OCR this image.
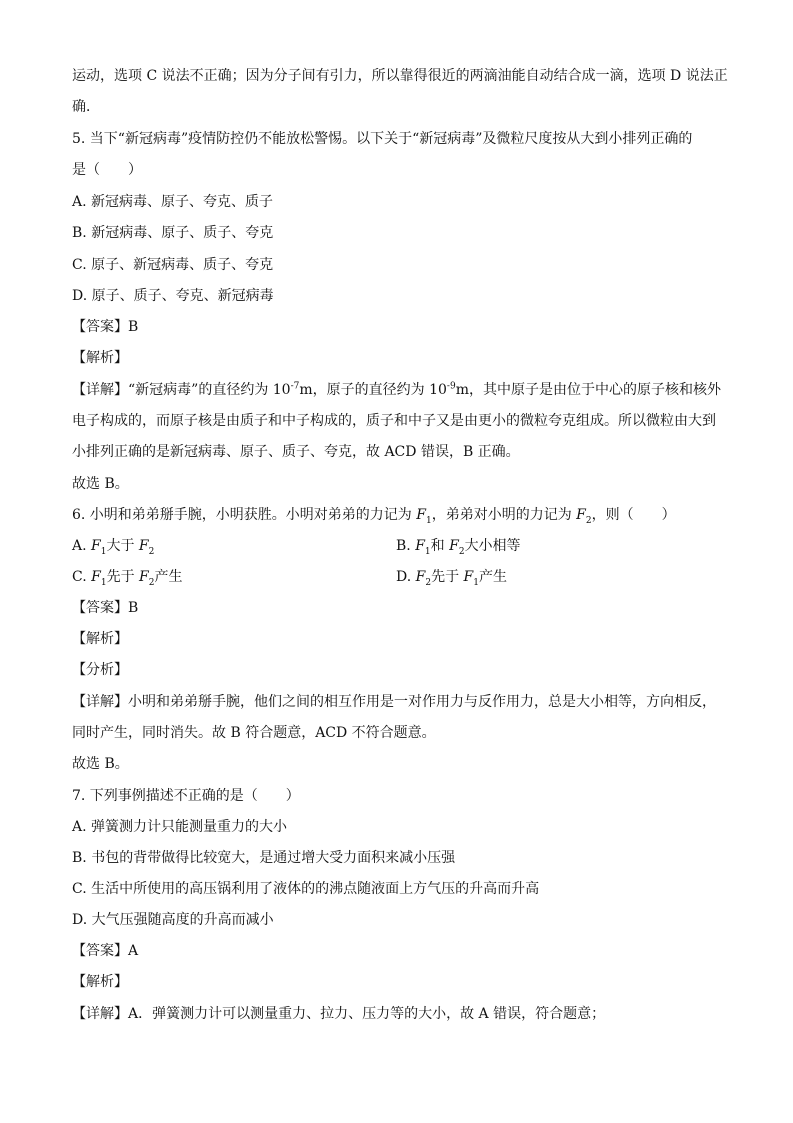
运动，选项 C 说法不正确；因为分子间有引力，所以靠得很近的两滴油能自动结合成一滴，选项 D 说法正
确．
5. 当下“新冠病毒”疫情防控仍不能放松警惕。以下关于“新冠病毒”及微粒尺度按从大到小排列正确的
是（　　）
A. 新冠病毒、原子、夸克、质子
B. 新冠病毒、原子、质子、夸克
C. 原子、新冠病毒、质子、夸克
D. 原子、质子、夸克、新冠病毒
【答案】B
【解析】
【详解】“新冠病毒”的直径约为 $10^{-7}m$，原子的直径约为 $10^{-9}m$，其中原子是由位于中心的原子核和核外
电子构成的，而原子核是由质子和中子构成的，质子和中子又是由更小的微粒夸克组成。所以微粒由大到
小排列正确的是新冠病毒、原子、质子、夸克，故 ACD 错误，B 正确。
故选 B。
6. 小明和弟弟掰手腕，小明获胜。小明对弟弟的力记为 $F_1$，弟弟对小明的力记为 $F_2$，则（　　）
A. $F_1$大于 $F_2$	B. $F_1$和 $F_2$大小相等
C. $F_1$先于 $F_2$产生	D. $F_2$先于 $F_1$产生
【答案】B
【解析】
【分析】
【详解】小明和弟弟掰手腕，他们之间的相互作用是一对作用力与反作用力，总是大小相等，方向相反，
同时产生，同时消失。故 B 符合题意，ACD 不符合题意。
故选 B。
7. 下列事例描述不正确的是（　　）
A. 弹簧测力计只能测量重力的大小
B. 书包的背带做得比较宽大，是通过增大受力面积来减小压强
C. 生活中所使用的高压锅利用了液体的的沸点随液面上方气压的升高而升高
D. 大气压强随高度的升高而减小
【答案】A
【解析】
【详解】A．弹簧测力计可以测量重力、拉力、压力等的大小，故 A 错误，符合题意；
